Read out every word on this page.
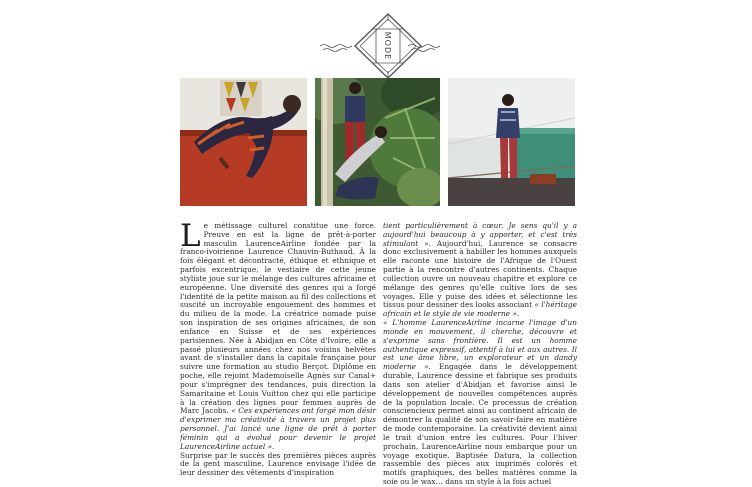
MODE

Le métissage culturel constitue une force. Preuve en est la ligne de prêt-à-porter masculin LaurenceAirline fondée par la franco-ivoirienne Laurence Chauvin-Buthaud. À la fois élégant et décontracté, éthique et ethnique et parfois excentrique, le vestiaire de cette jeune styliste joue sur le mélange des cultures africaine et européenne. Une diversité des genres qui a forgé l'identité de la petite maison au fil des collections et suscité un incroyable engouement des hommes et du milieu de la mode. La créatrice nomade puise son inspiration de ses origines africaines, de son enfance en Suisse et de ses expériences parisiennes. Née à Abidjan en Côte d'Ivoire, elle a passé plusieurs années chez nos voisins helvètes avant de s'installer dans la capitale française pour suivre une formation au studio Berçot. Diplôme en poche, elle rejoint Mademoiselle Agnès sur Canal+ pour s'imprégner des tendances, puis direction la Samaritaine et Louis Vuitton chez qui elle participe à la création des lignes pour femmes auprès de Marc Jacobs. « Ces expériences ont forgé mon désir d'exprimer ma créativité à travers un projet plus personnel. J'ai lancé une ligne de prêt à porter féminin qui a évolué pour devenir le projet LaurenceAirline actuel ».

Surprise par le succès des premières pièces auprès de la gent masculine, Laurence envisage l'idée de leur dessiner des vêtements d'inspiration

tient particulièrement à cœur. Je sens qu'il y a aujourd'hui beaucoup à y apporter, et c'est très stimulant ». Aujourd'hui, Laurence se consacre donc exclusivement à habiller les hommes auxquels elle raconte une histoire de l'Afrique de l'Ouest partie à la rencontre d'autres continents. Chaque collection ouvre un nouveau chapitre et explore ce mélange des genres qu'elle cultive lors de ses voyages. Elle y puise des idées et sélectionne les tissus pour dessiner des looks associant « l'héritage africain et le style de vie moderne ».

« L'homme LaurenceAirline incarne l'image d'un monde en mouvement, il cherche, découvre et s'exprime sans frontière. Il est un homme authentique expressif, attentif à lui et aux autres. Il est une âme libre, un explorateur et un dandy moderne ». Engagée dans le développement durable, Laurence dessine et fabrique ses produits dans son atelier d'Abidjan et favorise ainsi le développement de nouvelles compétences auprès de la population locale. Ce processus de création consciencieux permet ainsi au continent africain de démontrer la qualité de son savoir-faire en matière de mode contemporaine. La créativité devient ainsi le trait d'union entre les cultures. Pour l'hiver prochain, LaurenceAirline nous embarque pour un voyage exotique. Baptisée Datura, la collection rassemble des pièces aux imprimés colorés et motifs graphiques, des belles matières comme la soie ou le wax… dans un style à la fois actuel
